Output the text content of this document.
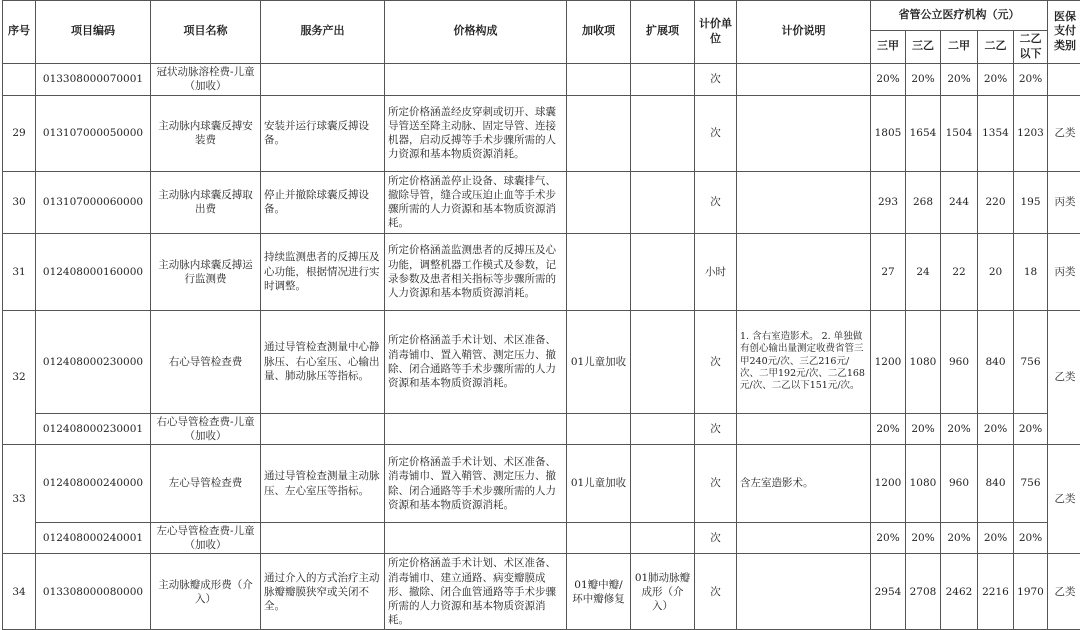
序号	项目编码	项目名称	服务产出	价格构成	加收项	扩展项	计价单位	计价说明	省管公立医疗机构（元）					医保支付类别
									三甲	三乙	二甲	二乙	二乙以下	
	013308000070001	冠状动脉溶栓费-儿童（加收）					次		20%	20%	20%	20%	20%	
29	013107000050000	主动脉内球囊反搏安装费	安装并运行球囊反搏设备。	所定价格涵盖经皮穿刺或切开、球囊导管送至降主动脉、固定导管、连接机器，启动反搏等手术步骤所需的人力资源和基本物质资源消耗。			次		1805	1654	1504	1354	1203	乙类
30	013107000060000	主动脉内球囊反搏取出费	停止并撤除球囊反搏设备。	所定价格涵盖停止设备、球囊排气、撤除导管，缝合或压迫止血等手术步骤所需的人力资源和基本物质资源消耗。			次		293	268	244	220	195	丙类
31	012408000160000	主动脉内球囊反搏运行监测费	持续监测患者的反搏压及心功能，根据情况进行实时调整。	所定价格涵盖监测患者的反搏压及心功能，调整机器工作模式及参数，记录参数及患者相关指标等步骤所需的人力资源和基本物质资源消耗。			小时		27	24	22	20	18	丙类
32	012408000230000	右心导管检查费	通过导管检查测量中心静脉压、右心室压、心输出量、肺动脉压等指标。	所定价格涵盖手术计划、术区准备、消毒铺巾、置入鞘管、测定压力、撤除、闭合通路等手术步骤所需的人力资源和基本物质资源消耗。	01儿童加收		次	1. 含右室造影术。 2. 单独做有创心输出量测定收费省管三甲240元/次、三乙216元/次、二甲192元/次、二乙168元/次、二乙以下151元/次。	1200	1080	960	840	756	乙类
	012408000230001	右心导管检查费-儿童（加收）					次		20%	20%	20%	20%	20%	
33	012408000240000	左心导管检查费	通过导管检查测量主动脉压、左心室压等指标。	所定价格涵盖手术计划、术区准备、消毒铺巾、置入鞘管、测定压力、撤除、闭合通路等手术步骤所需的人力资源和基本物质资源消耗。	01儿童加收		次	含左室造影术。	1200	1080	960	840	756	乙类
	012408000240001	左心导管检查费-儿童（加收）					次		20%	20%	20%	20%	20%	
34	013308000080000	主动脉瓣成形费（介入）	通过介入的方式治疗主动脉瓣瓣膜狭窄或关闭不全。	所定价格涵盖手术计划、术区准备、消毒铺巾、建立通路、病变瓣膜成形、撤除、闭合血管通路等手术步骤所需的人力资源和基本物质资源消耗。	01瓣中瓣/环中瓣修复	01肺动脉瓣成形（介入）	次		2954	2708	2462	2216	1970	乙类
